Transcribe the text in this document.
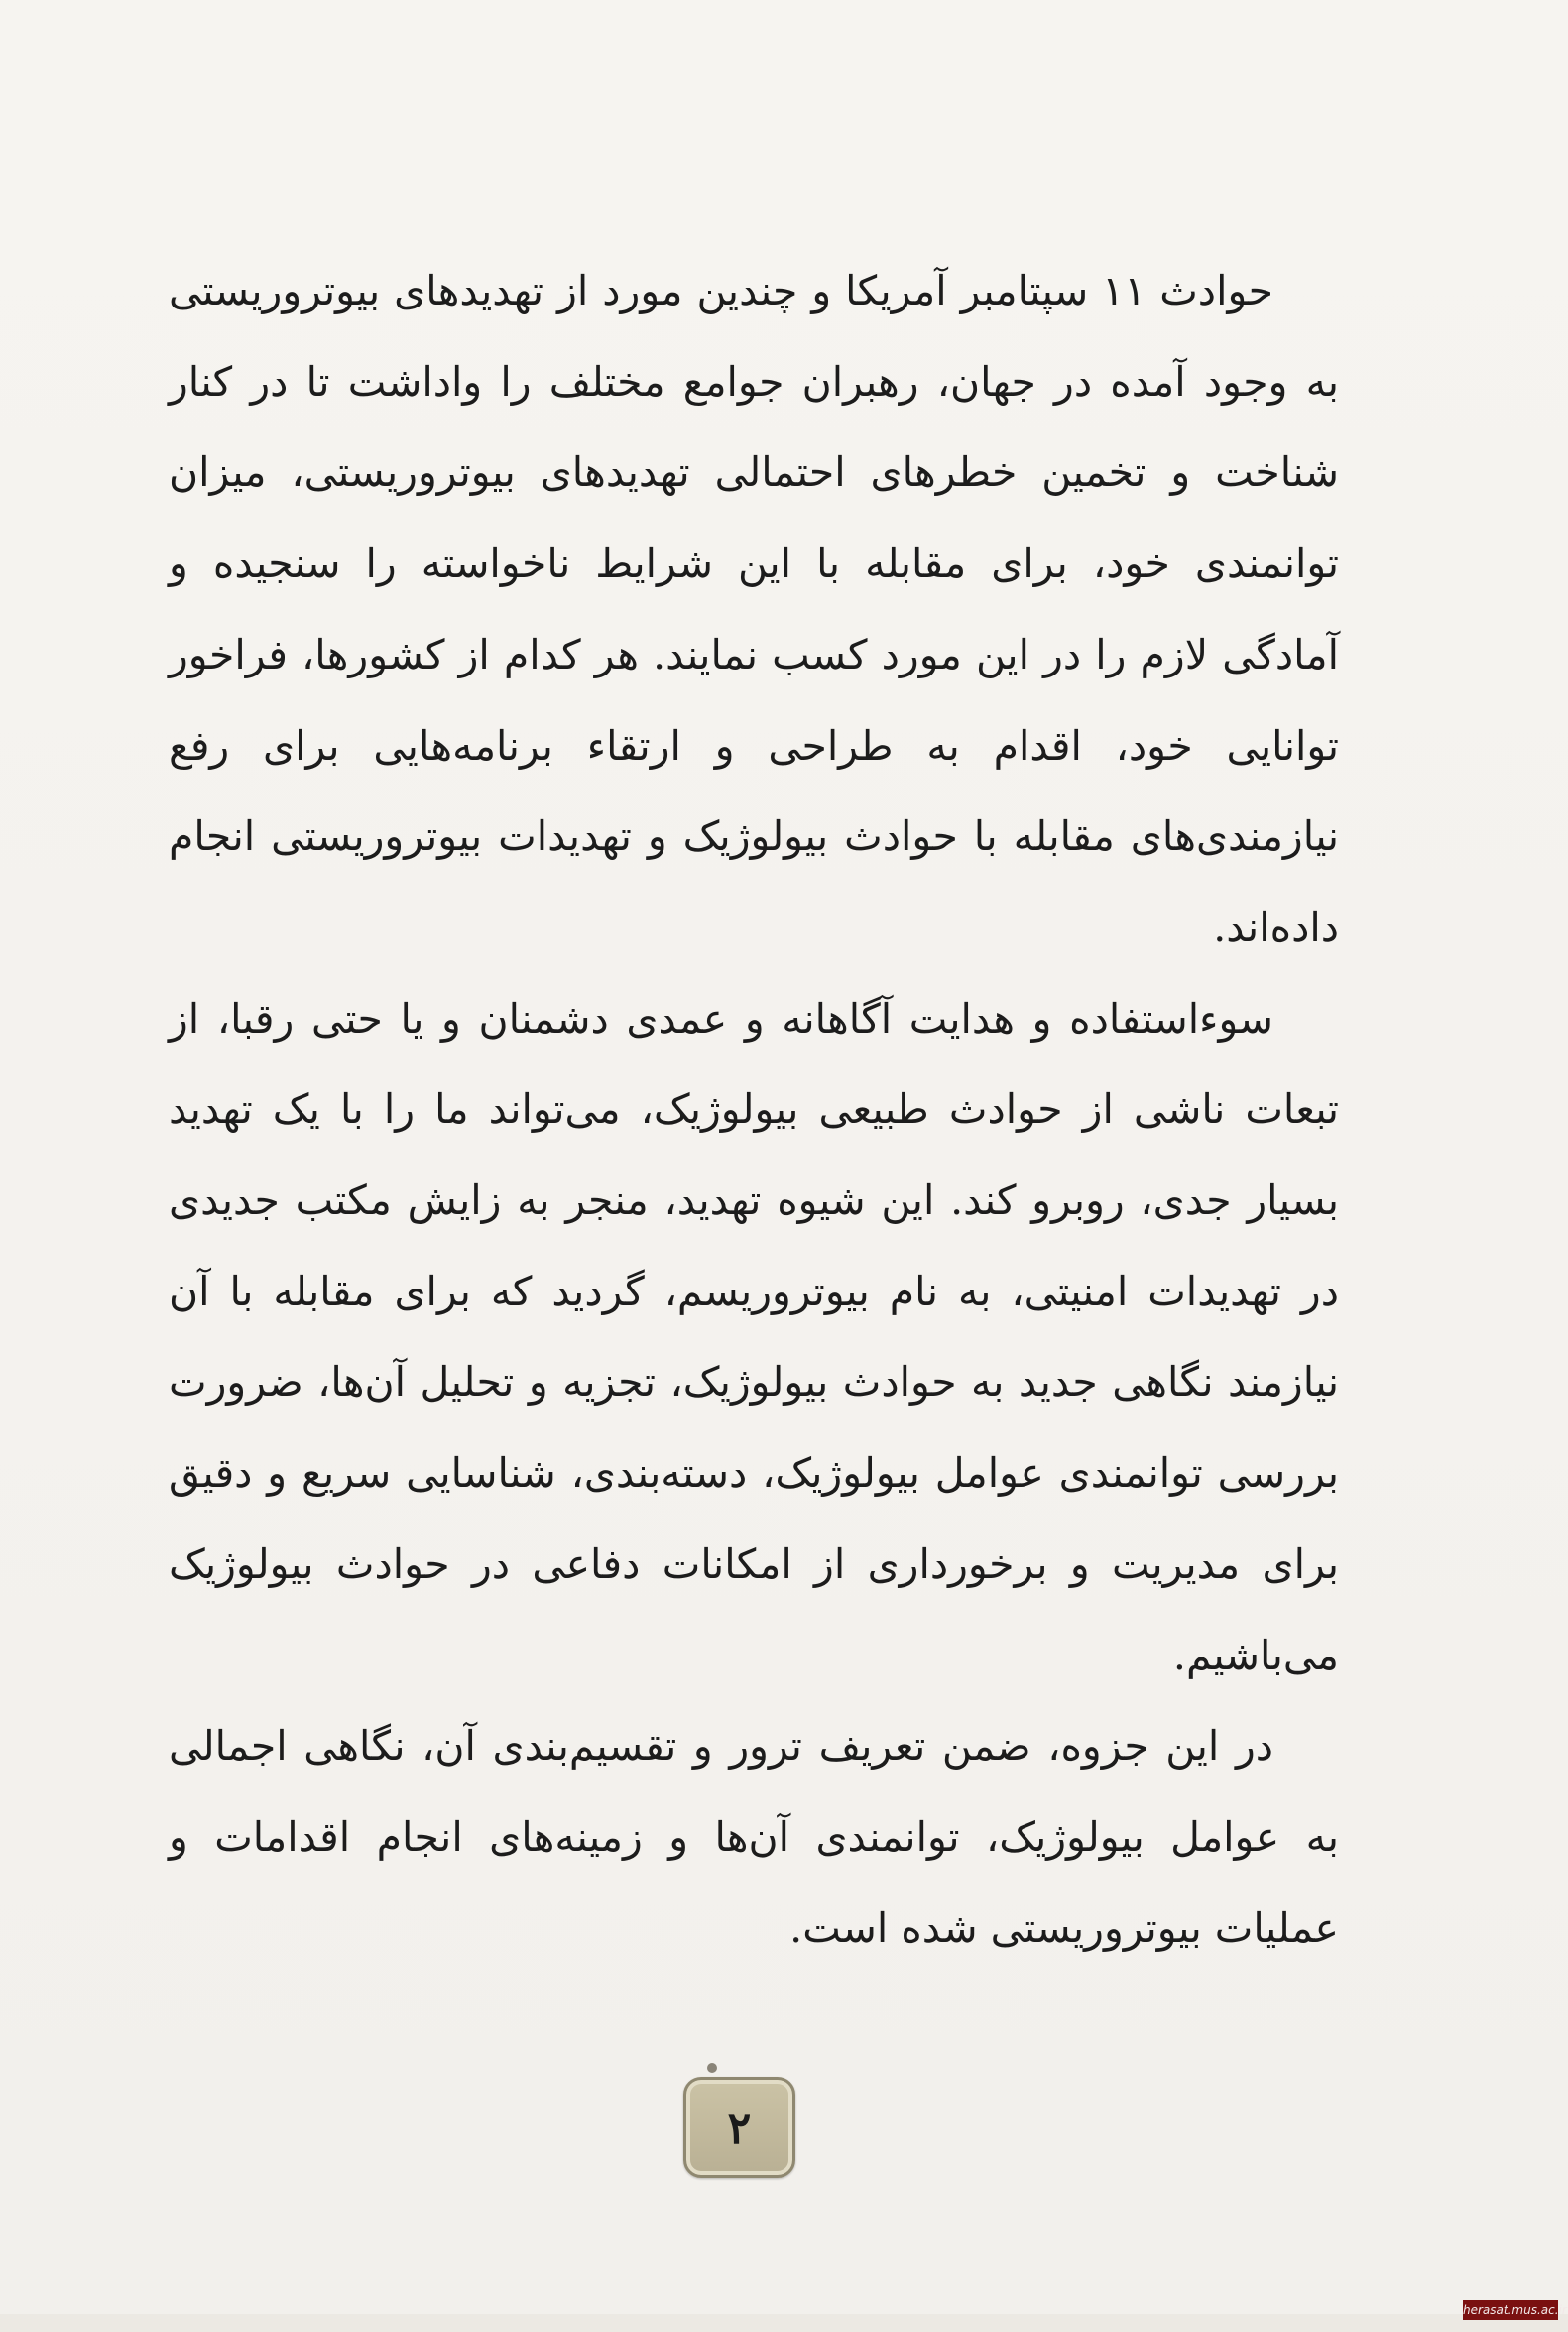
حوادث ۱۱ سپتامبر آمریکا و چندین مورد از تهدیدهای بیوتروریستی به وجود آمده در جهان، رهبران جوامع مختلف را واداشت تا در کنار شناخت و تخمین خطرهای احتمالی تهدیدهای بیوتروریستی، میزان توانمندی خود، برای مقابله با این شرایط ناخواسته را سنجیده و آمادگی لازم را در این مورد کسب نمایند. هر کدام از کشورها، فراخور توانایی خود، اقدام به طراحی و ارتقاء برنامه‌هایی برای رفع نیازمندی‌های مقابله با حوادث بیولوژیک و تهدیدات بیوتروریستی انجام داده‌اند.

سوءاستفاده و هدایت آگاهانه و عمدی دشمنان و یا حتی رقبا، از تبعات ناشی از حوادث طبیعی بیولوژیک، می‌تواند ما را با یک تهدید بسیار جدی، روبرو کند. این شیوه تهدید، منجر به زایش مکتب جدیدی در تهدیدات امنیتی، به نام بیوتروریسم، گردید که برای مقابله با آن نیازمند نگاهی جدید به حوادث بیولوژیک، تجزیه و تحلیل آن‌ها، ضرورت بررسی توانمندی عوامل بیولوژیک، دسته‌بندی، شناسایی سریع و دقیق برای مدیریت و برخورداری از امکانات دفاعی در حوادث بیولوژیک می‌باشیم.

در این جزوه، ضمن تعریف ترور و تقسیم‌بندی آن، نگاهی اجمالی به عوامل بیولوژیک، توانمندی آن‌ها و زمینه‌های انجام اقدامات و عملیات بیوتروریستی شده است.

۲
herasat.mus.ac.ir
